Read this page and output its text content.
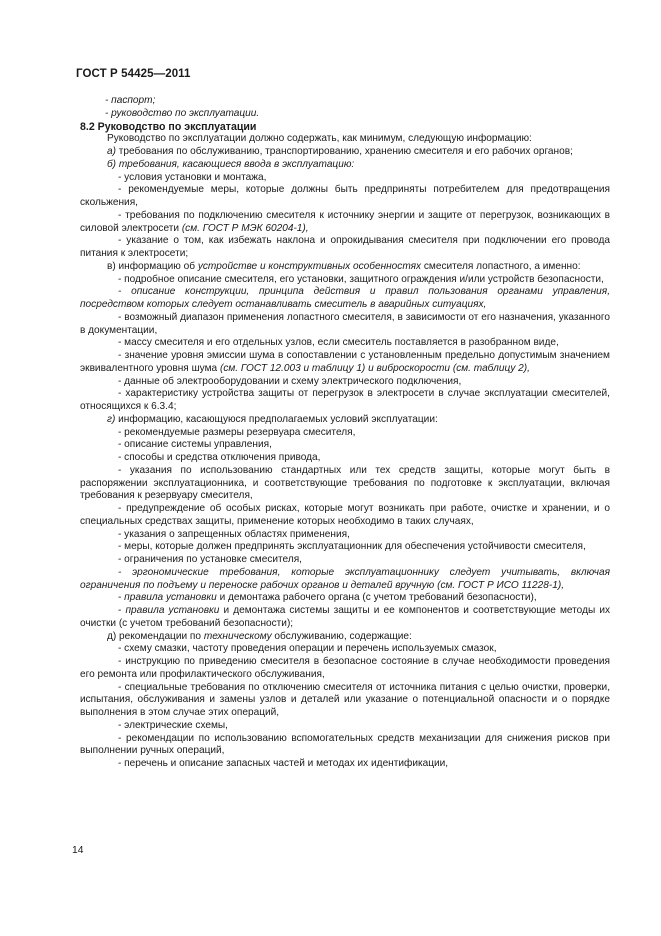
ГОСТ Р 54425—2011

- паспорт;

- руководство по эксплуатации.

8.2 Руководство по эксплуатации

Руководство по эксплуатации должно содержать, как минимум, следующую информацию:

а) требования по обслуживанию, транспортированию, хранению смесителя и его рабочих органов;

б) требования, касающиеся ввода в эксплуатацию:

- условия установки и монтажа,

- рекомендуемые меры, которые должны быть предприняты потребителем для предотвращения скольжения,

- требования по подключению смесителя к источнику энергии и защите от перегрузок, возникающих в силовой электросети (см. ГОСТ Р МЭК 60204-1),

- указание о том, как избежать наклона и опрокидывания смесителя при подключении его провода питания к электросети;

в) информацию об устройстве и конструктивных особенностях смесителя лопастного, а именно:

- подробное описание смесителя, его установки, защитного ограждения и/или устройств безопасности,

- описание конструкции, принципа действия и правил пользования органами управления, посредством которых следует останавливать смеситель в аварийных ситуациях,

- возможный диапазон применения лопастного смесителя, в зависимости от его назначения, указанного в документации,

- массу смесителя и его отдельных узлов, если смеситель поставляется в разобранном виде,

- значение уровня эмиссии шума в сопоставлении с установленным предельно допустимым значением эквивалентного уровня шума (см. ГОСТ 12.003 и таблицу 1) и виброскорости (см. таблицу 2),

- данные об электрооборудовании и схему электрического подключения,

- характеристику устройства защиты от перегрузок в электросети в случае эксплуатации смесителей, относящихся к 6.3.4;

г) информацию, касающуюся предполагаемых условий эксплуатации:

- рекомендуемые размеры резервуара смесителя,

- описание системы управления,

- способы и средства отключения привода,

- указания по использованию стандартных или тех средств защиты, которые могут быть в распоряжении эксплуатационника, и соответствующие требования по подготовке к эксплуатации, включая требования к резервуару смесителя,

- предупреждение об особых рисках, которые могут возникать при работе, очистке и хранении, и о специальных средствах защиты, применение которых необходимо в таких случаях,

- указания о запрещенных областях применения,

- меры, которые должен предпринять эксплуатационник для обеспечения устойчивости смесителя,

- ограничения по установке смесителя,

- эргономические требования, которые эксплуатационнику следует учитывать, включая ограничения по подъему и переноске рабочих органов и деталей вручную (см. ГОСТ Р ИСО 11228-1),

- правила установки и демонтажа рабочего органа (с учетом требований безопасности),

- правила установки и демонтажа системы защиты и ее компонентов и соответствующие методы их очистки (с учетом требований безопасности);

д) рекомендации по техническому обслуживанию, содержащие:

- схему смазки, частоту проведения операции и перечень используемых смазок,

- инструкцию по приведению смесителя в безопасное состояние в случае необходимости проведения его ремонта или профилактического обслуживания,

- специальные требования по отключению смесителя от источника питания с целью очистки, проверки, испытания, обслуживания и замены узлов и деталей или указание о потенциальной опасности и о порядке выполнения в этом случае этих операций,

- электрические схемы,

- рекомендации по использованию вспомогательных средств механизации для снижения рисков при выполнении ручных операций,

- перечень и описание запасных частей и методах их идентификации,

14
